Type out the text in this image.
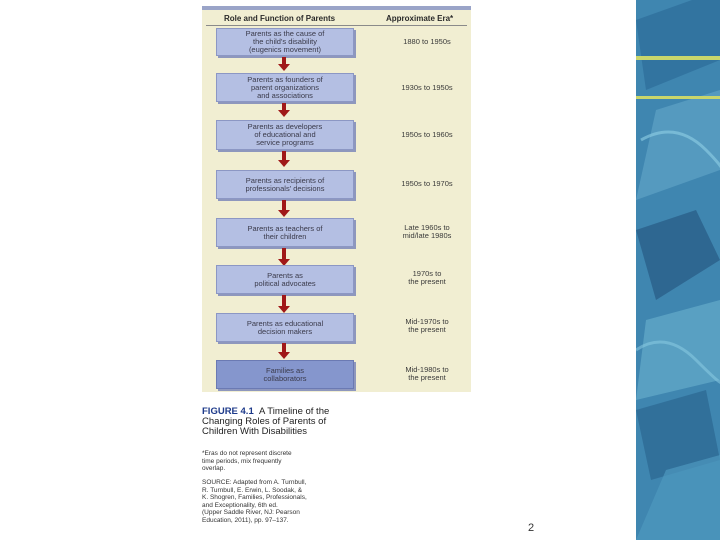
Role and Function of Parents	Approximate Era*
Parents as the cause of
the child's disability
(eugenics movement)
1880 to 1950s
Parents as founders of
parent organizations
and associations
1930s to 1950s
Parents as developers
of educational and
service programs
1950s to 1960s
Parents as recipients of
professionals' decisions	1950s to 1970s
Parents as teachers of
their children
Late 1960s to
mid/late 1980s
Parents as
political advocates
1970s to
the present
Parents as educational
decision makers
Mid-1970s to
the present
Families as
collaborators
Mid-1980s to
the present
FIGURE 4.1 A Timeline of the Changing Roles of Parents of Children With Disabilities
*Eras do not represent discrete
time periods, mix frequently
overlap.
SOURCE: Adapted from A. Turnbull,
R. Turnbull, E. Erwin, L. Soodak, &
K. Shogren, Families, Professionals,
and Exceptionality, 6th ed.
(Upper Saddle River, NJ: Pearson
Education, 2011), pp. 97–137.
2
